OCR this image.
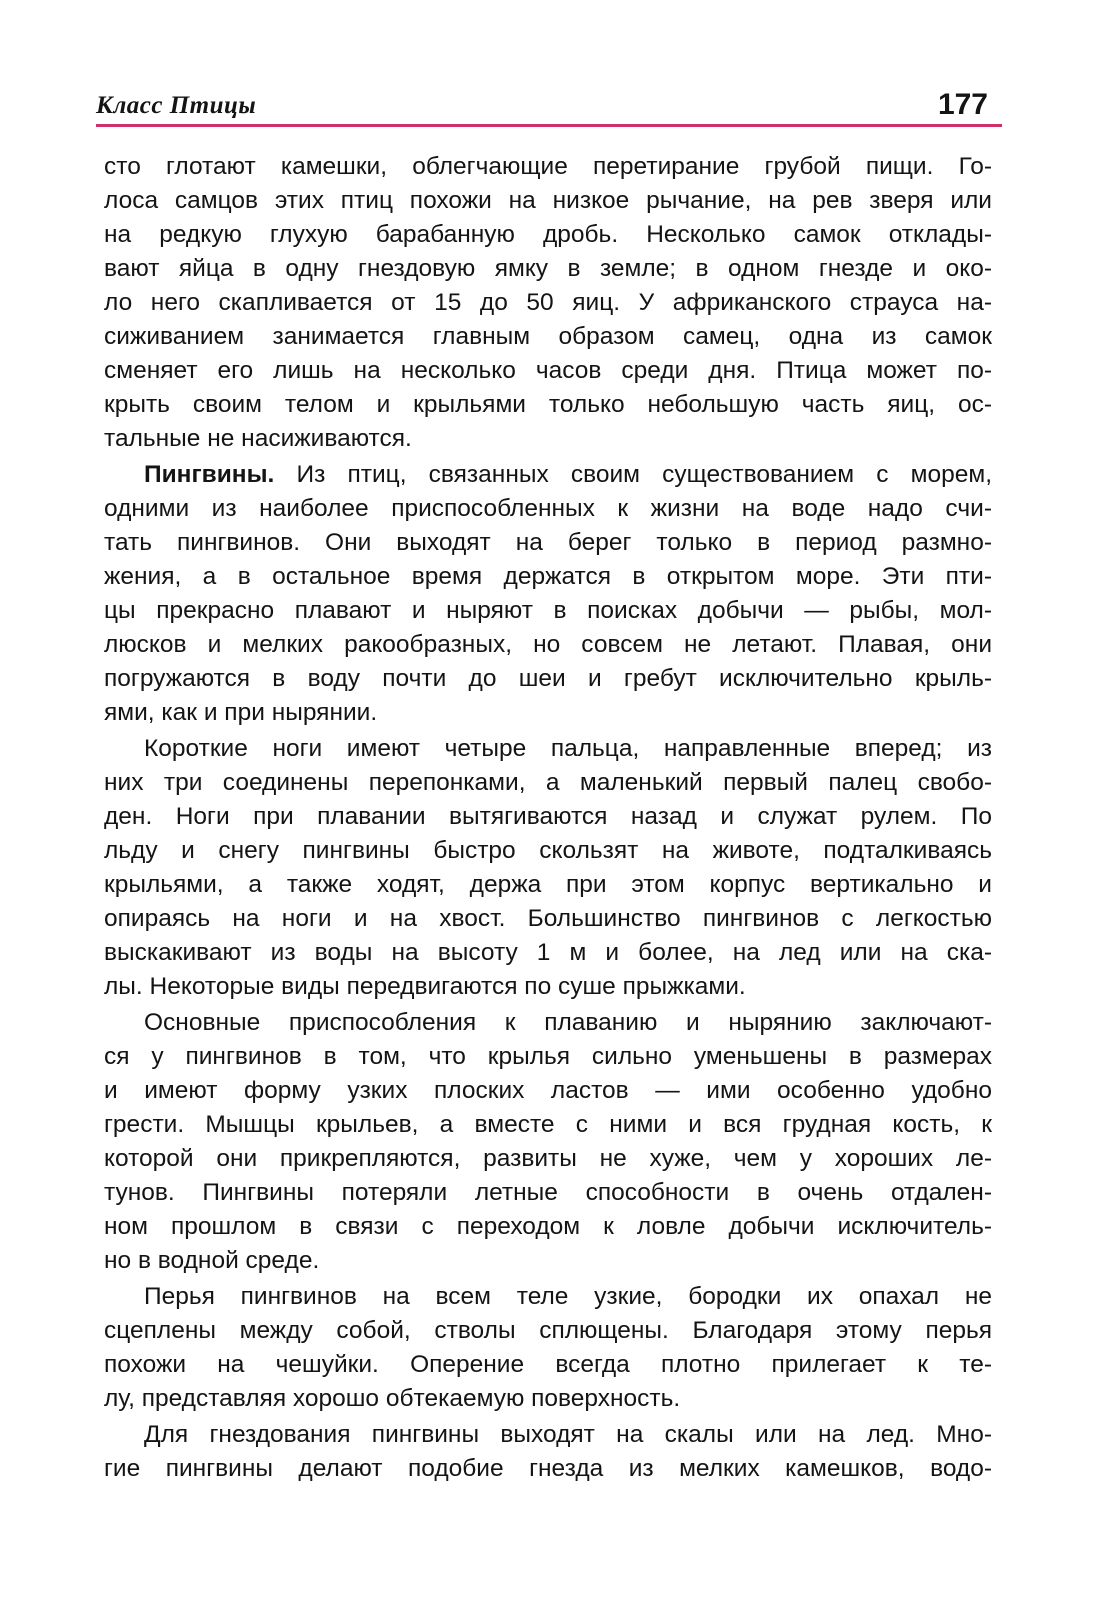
Класс Птицы	177
сто глотают камешки, облегчающие перетирание грубой пищи. Го-
лоса самцов этих птиц похожи на низкое рычание, на рев зверя или
на редкую глухую барабанную дробь. Несколько самок отклады-
вают яйца в одну гнездовую ямку в земле; в одном гнезде и око-
ло него скапливается от 15 до 50 яиц. У африканского страуса на-
сиживанием занимается главным образом самец, одна из самок
сменяет его лишь на несколько часов среди дня. Птица может по-
крыть своим телом и крыльями только небольшую часть яиц, ос-
тальные не насиживаются.
Пингвины. Из птиц, связанных своим существованием с морем,
одними из наиболее приспособленных к жизни на воде надо счи-
тать пингвинов. Они выходят на берег только в период размно-
жения, а в остальное время держатся в открытом море. Эти пти-
цы прекрасно плавают и ныряют в поисках добычи — рыбы, мол-
люсков и мелких ракообразных, но совсем не летают. Плавая, они
погружаются в воду почти до шеи и гребут исключительно крыль-
ями, как и при нырянии.
Короткие ноги имеют четыре пальца, направленные вперед; из
них три соединены перепонками, а маленький первый палец свобо-
ден. Ноги при плавании вытягиваются назад и служат рулем. По
льду и снегу пингвины быстро скользят на животе, подталкиваясь
крыльями, а также ходят, держа при этом корпус вертикально и
опираясь на ноги и на хвост. Большинство пингвинов с легкостью
выскакивают из воды на высоту 1 м и более, на лед или на ска-
лы. Некоторые виды передвигаются по суше прыжками.
Основные приспособления к плаванию и нырянию заключают-
ся у пингвинов в том, что крылья сильно уменьшены в размерах
и имеют форму узких плоских ластов — ими особенно удобно
грести. Мышцы крыльев, а вместе с ними и вся грудная кость, к
которой они прикрепляются, развиты не хуже, чем у хороших ле-
тунов. Пингвины потеряли летные способности в очень отдален-
ном прошлом в связи с переходом к ловле добычи исключитель-
но в водной среде.
Перья пингвинов на всем теле узкие, бородки их опахал не
сцеплены между собой, стволы сплющены. Благодаря этому перья
похожи на чешуйки. Оперение всегда плотно прилегает к те-
лу, представляя хорошо обтекаемую поверхность.
Для гнездования пингвины выходят на скалы или на лед. Мно-
гие пингвины делают подобие гнезда из мелких камешков, водо-
